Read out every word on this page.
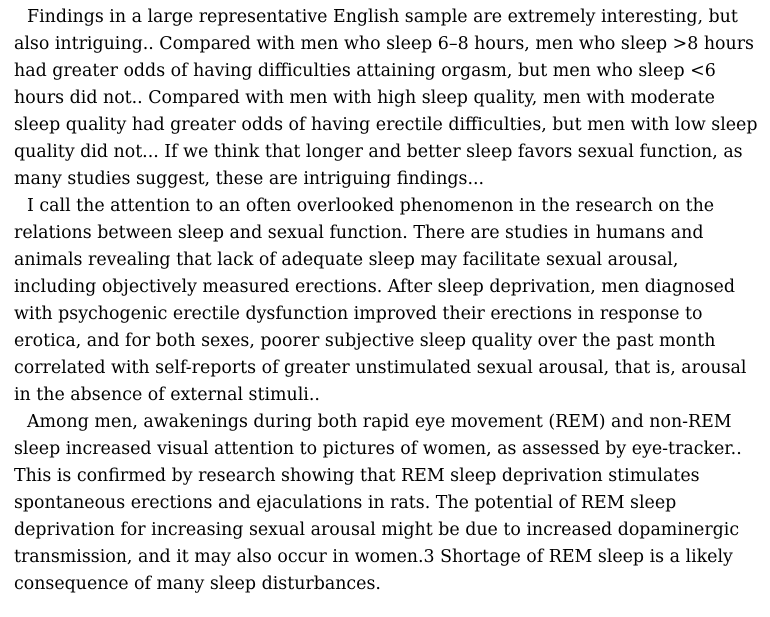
Findings in a large representative English sample are extremely interesting, but also intriguing.. Compared with men who sleep 6–8 hours, men who sleep >8 hours had greater odds of having difficulties attaining orgasm, but men who sleep <6 hours did not.. Compared with men with high sleep quality, men with moderate sleep quality had greater odds of having erectile difficulties, but men with low sleep quality did not... If we think that longer and better sleep favors sexual function, as many studies suggest, these are intriguing findings...

I call the attention to an often overlooked phenomenon in the research on the relations between sleep and sexual function. There are studies in humans and animals revealing that lack of adequate sleep may facilitate sexual arousal, including objectively measured erections. After sleep deprivation, men diagnosed with psychogenic erectile dysfunction improved their erections in response to erotica, and for both sexes, poorer subjective sleep quality over the past month correlated with self-reports of greater unstimulated sexual arousal, that is, arousal in the absence of external stimuli..

Among men, awakenings during both rapid eye movement (REM) and non-REM sleep increased visual attention to pictures of women, as assessed by eye-tracker.. This is confirmed by research showing that REM sleep deprivation stimulates spontaneous erections and ejaculations in rats. The potential of REM sleep deprivation for increasing sexual arousal might be due to increased dopaminergic transmission, and it may also occur in women.3 Shortage of REM sleep is a likely consequence of many sleep disturbances.
